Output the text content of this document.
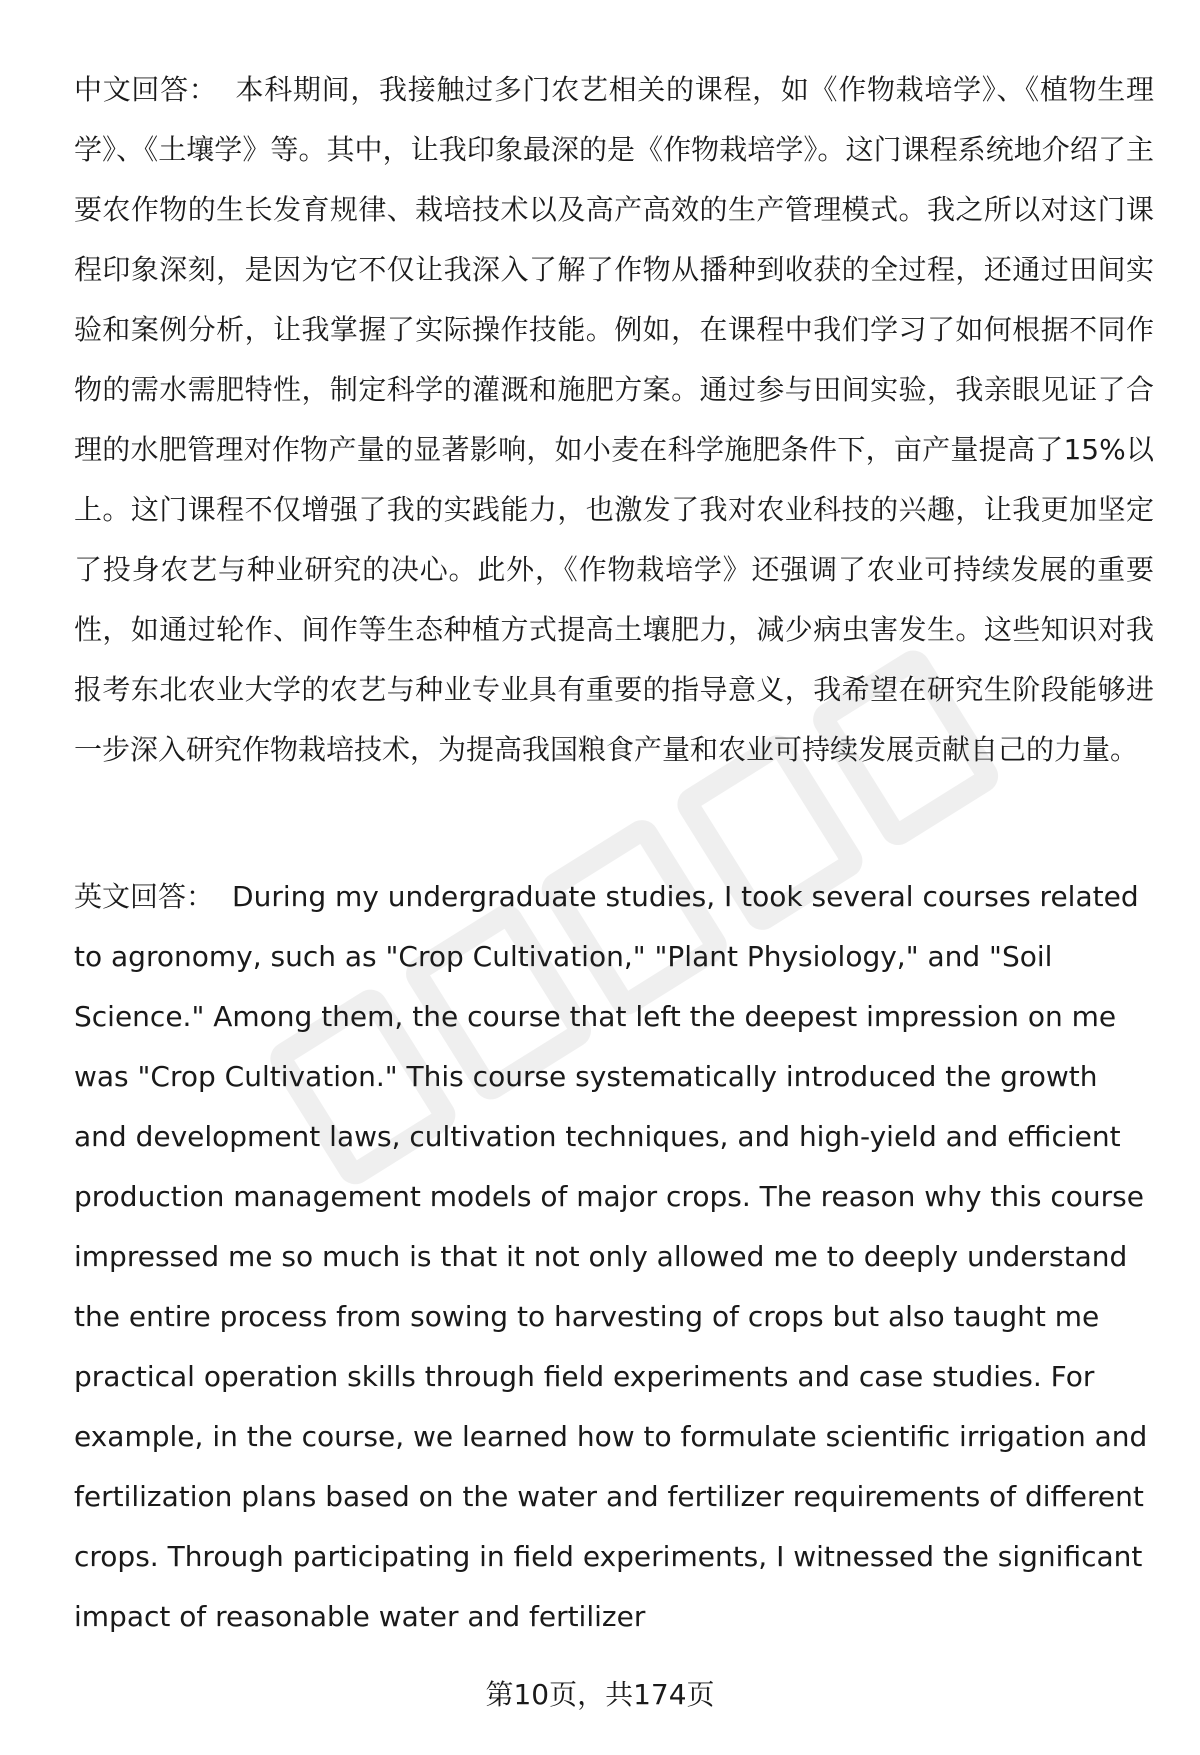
中文回答： 本科期间，我接触过多门农艺相关的课程，如《作物栽培学》、《植物生理学》、《土壤学》等。其中，让我印象最深的是《作物栽培学》。这门课程系统地介绍了主要农作物的生长发育规律、栽培技术以及高产高效的生产管理模式。我之所以对这门课程印象深刻，是因为它不仅让我深入了解了作物从播种到收获的全过程，还通过田间实验和案例分析，让我掌握了实际操作技能。例如，在课程中我们学习了如何根据不同作物的需水需肥特性，制定科学的灌溉和施肥方案。通过参与田间实验，我亲眼见证了合理的水肥管理对作物产量的显著影响，如小麦在科学施肥条件下，亩产量提高了15%以上。这门课程不仅增强了我的实践能力，也激发了我对农业科技的兴趣，让我更加坚定了投身农艺与种业研究的决心。此外，《作物栽培学》还强调了农业可持续发展的重要性，如通过轮作、间作等生态种植方式提高土壤肥力，减少病虫害发生。这些知识对我报考东北农业大学的农艺与种业专业具有重要的指导意义，我希望在研究生阶段能够进一步深入研究作物栽培技术，为提高我国粮食产量和农业可持续发展贡献自己的力量。

英文回答： During my undergraduate studies, I took several courses related to agronomy, such as "Crop Cultivation," "Plant Physiology," and "Soil Science." Among them, the course that left the deepest impression on me was "Crop Cultivation." This course systematically introduced the growth and development laws, cultivation techniques, and high-yield and efficient production management models of major crops. The reason why this course impressed me so much is that it not only allowed me to deeply understand the entire process from sowing to harvesting of crops but also taught me practical operation skills through field experiments and case studies. For example, in the course, we learned how to formulate scientific irrigation and fertilization plans based on the water and fertilizer requirements of different crops. Through participating in field experiments, I witnessed the significant impact of reasonable water and fertilizer

第10页，共174页
